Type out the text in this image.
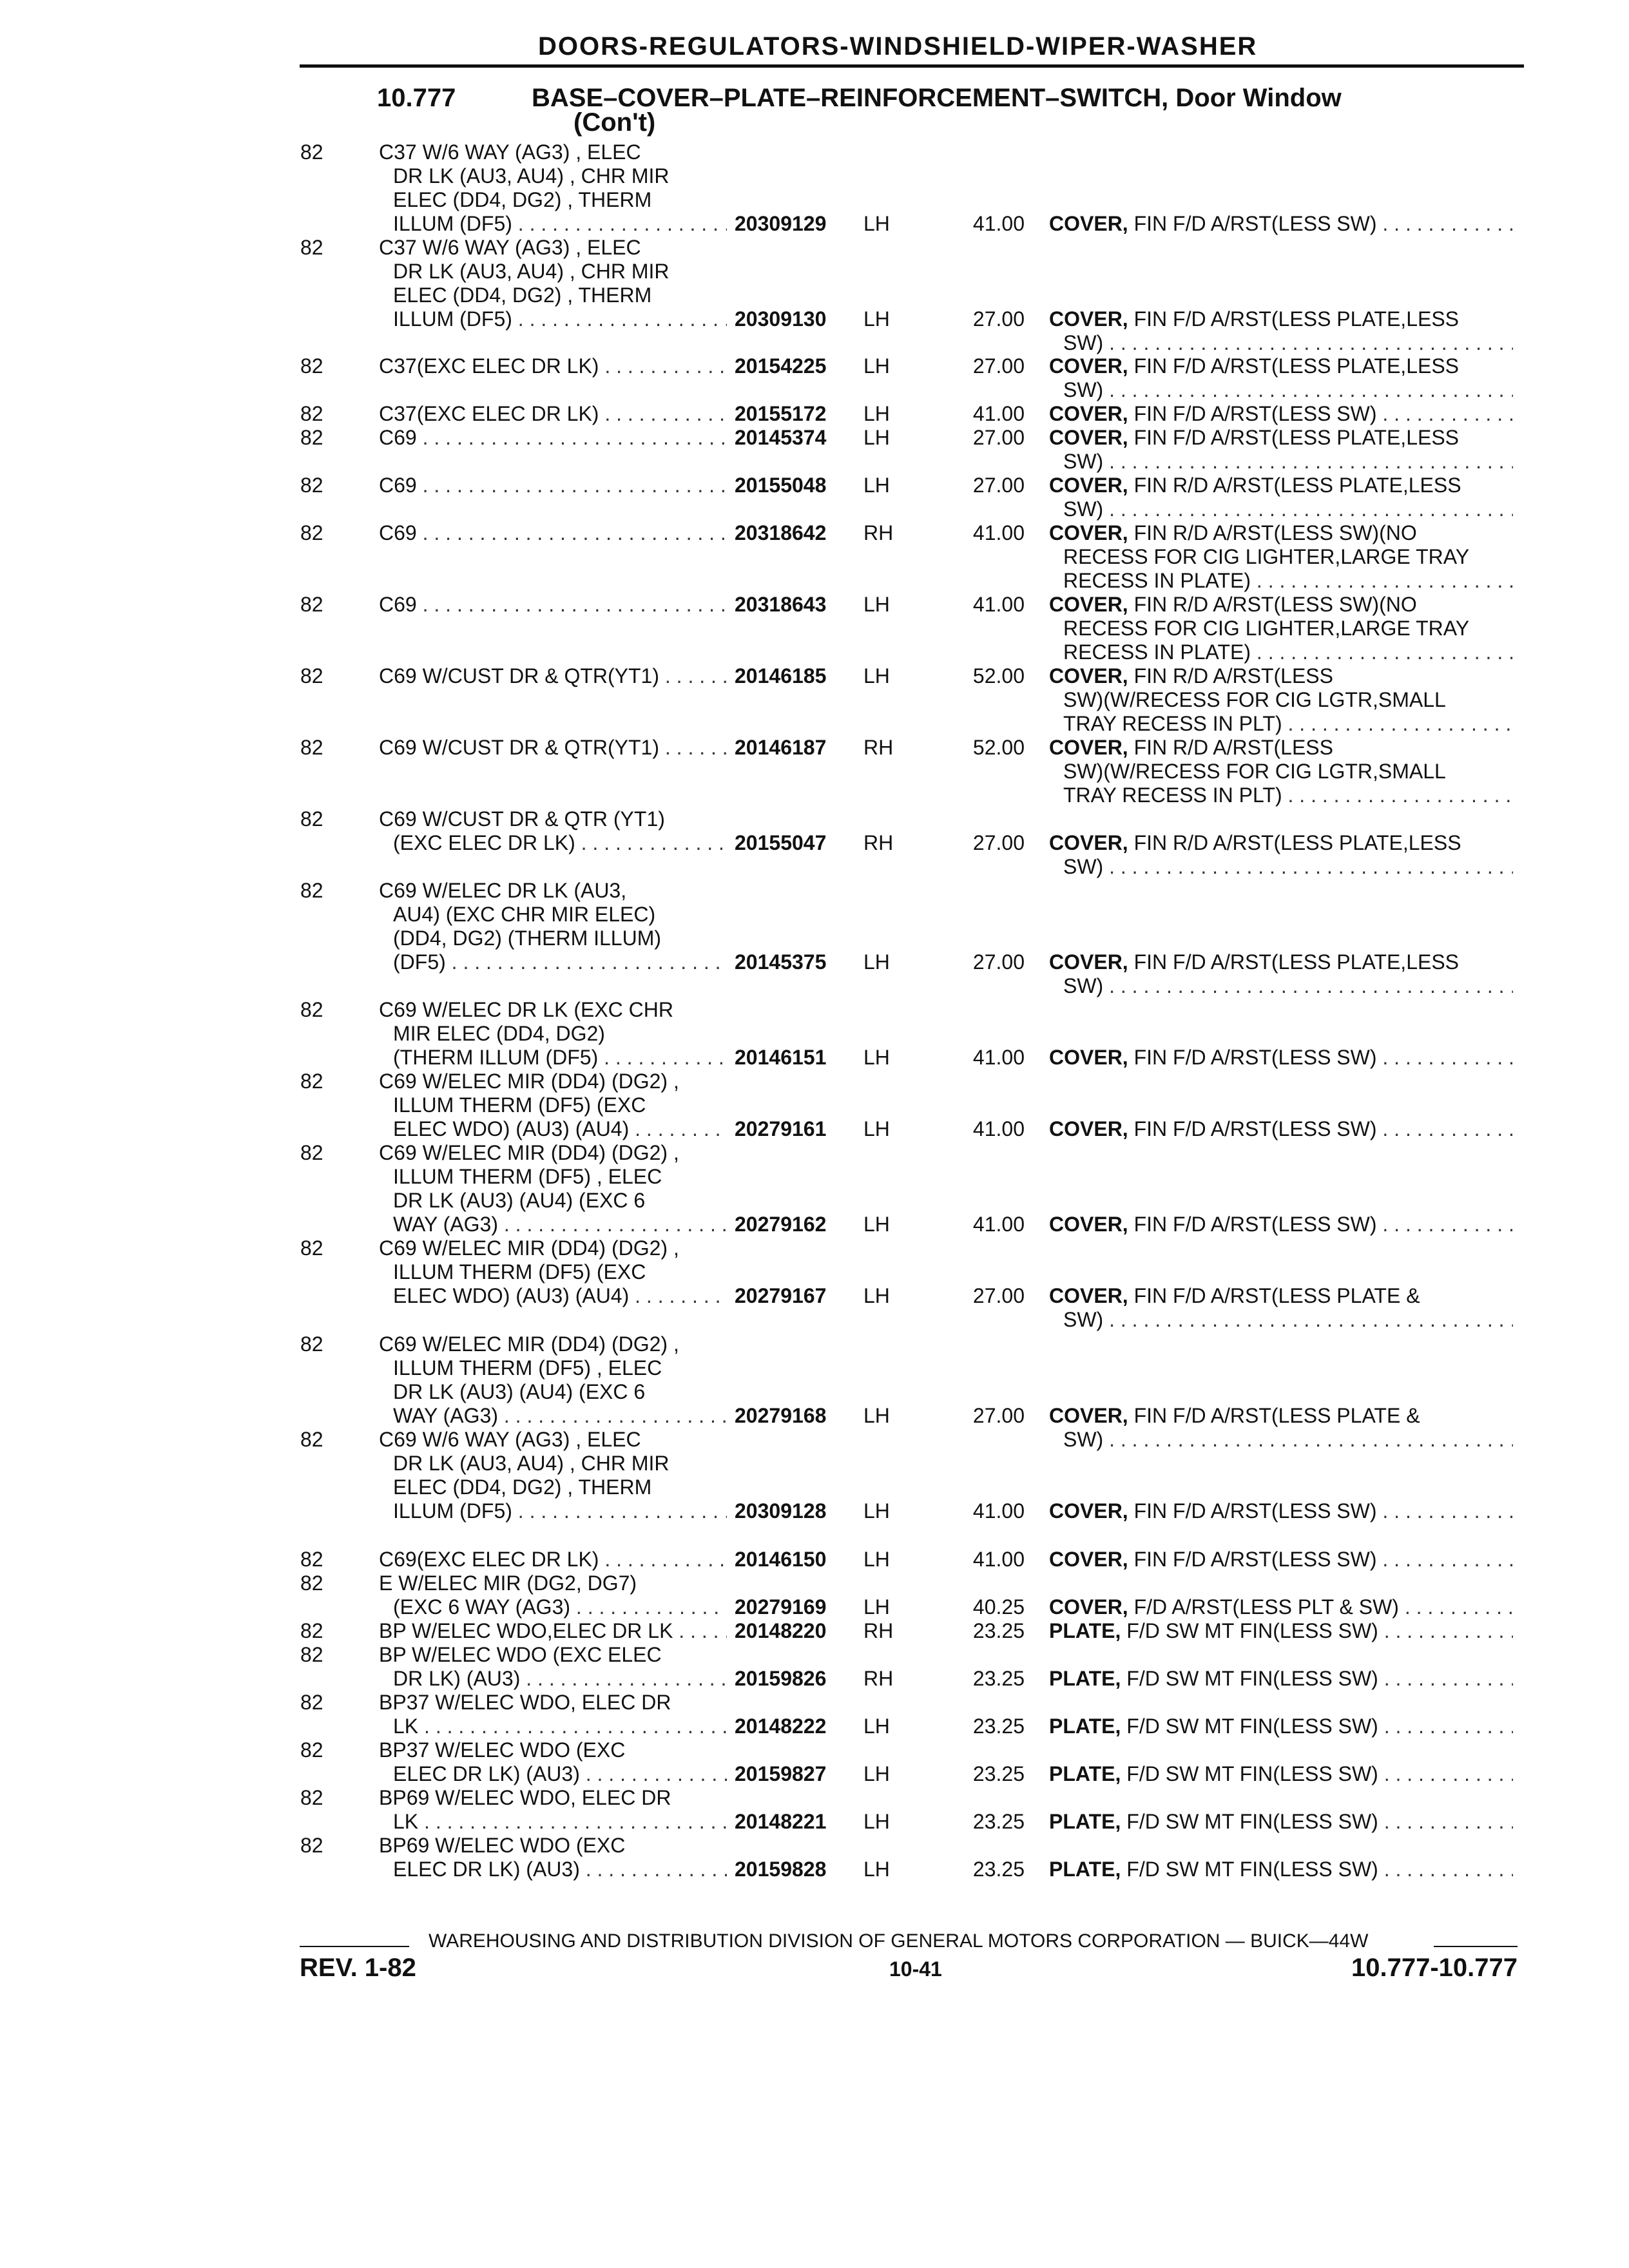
DOORS-REGULATORS-WINDSHIELD-WIPER-WASHER
10.777	BASE–COVER–PLATE–REINFORCEMENT–SWITCH, Door Window
(Con't)
82	C37 W/6 WAY (AG3) , ELEC
DR LK (AU3, AU4) , CHR MIR
ELEC (DD4, DG2) , THERM
ILLUM (DF5) . . .	20309129 LH	41.00 COVER, FIN F/D A/RST(LESS SW) . . .
82	C37 W/6 WAY (AG3) , ELEC
DR LK (AU3, AU4) , CHR MIR
ELEC (DD4, DG2) , THERM
ILLUM (DF5) . . .	20309130 LH	27.00 COVER, FIN F/D A/RST(LESS PLATE,LESS
SW) . . .
82	C37(EXC ELEC DR LK) . . .	20154225 LH	27.00 COVER, FIN F/D A/RST(LESS PLATE,LESS
SW) . . .
82	C37(EXC ELEC DR LK) . . .	20155172 LH	41.00 COVER, FIN F/D A/RST(LESS SW) . . .
82	C69 . . .	20145374 LH	27.00 COVER, FIN F/D A/RST(LESS PLATE,LESS
SW) . . .
82	C69 . . .	20155048 LH	27.00 COVER, FIN R/D A/RST(LESS PLATE,LESS
SW) . . .
82	C69 . . .	20318642 RH	41.00 COVER, FIN R/D A/RST(LESS SW)(NO
RECESS FOR CIG LIGHTER,LARGE TRAY
RECESS IN PLATE) . . .
82	C69 . . .	20318643 LH	41.00 COVER, FIN R/D A/RST(LESS SW)(NO
RECESS FOR CIG LIGHTER,LARGE TRAY
RECESS IN PLATE) . . .
82	C69 W/CUST DR & QTR(YT1) . . .	20146185 LH	52.00 COVER, FIN R/D A/RST(LESS
SW)(W/RECESS FOR CIG LGTR,SMALL
TRAY RECESS IN PLT) . . .
82	C69 W/CUST DR & QTR(YT1) . . .	20146187 RH	52.00 COVER, FIN R/D A/RST(LESS
SW)(W/RECESS FOR CIG LGTR,SMALL
TRAY RECESS IN PLT) . . .
82	C69 W/CUST DR & QTR (YT1)
(EXC ELEC DR LK) . . .	20155047 RH	27.00 COVER, FIN R/D A/RST(LESS PLATE,LESS
SW) . . .
82	C69 W/ELEC DR LK (AU3,
AU4) (EXC CHR MIR ELEC)
(DD4, DG2) (THERM ILLUM)
(DF5) . . .	20145375 LH	27.00 COVER, FIN F/D A/RST(LESS PLATE,LESS
SW) . . .
82	C69 W/ELEC DR LK (EXC CHR
MIR ELEC (DD4, DG2)
(THERM ILLUM (DF5) . . .	20146151 LH	41.00 COVER, FIN F/D A/RST(LESS SW) . . .
82	C69 W/ELEC MIR (DD4) (DG2) ,
ILLUM THERM (DF5) (EXC
ELEC WDO) (AU3) (AU4) . . .	20279161 LH	41.00 COVER, FIN F/D A/RST(LESS SW) . . .
82	C69 W/ELEC MIR (DD4) (DG2) ,
ILLUM THERM (DF5) , ELEC
DR LK (AU3) (AU4) (EXC 6
WAY (AG3) . . .	20279162 LH	41.00 COVER, FIN F/D A/RST(LESS SW) . . .
82	C69 W/ELEC MIR (DD4) (DG2) ,
ILLUM THERM (DF5) (EXC
ELEC WDO) (AU3) (AU4) . . .	20279167 LH	27.00 COVER, FIN F/D A/RST(LESS PLATE &
SW) . . .
82	C69 W/ELEC MIR (DD4) (DG2) ,
ILLUM THERM (DF5) , ELEC
DR LK (AU3) (AU4) (EXC 6
WAY (AG3) . . .	20279168 LH	27.00 COVER, FIN F/D A/RST(LESS PLATE &
SW) . . .
82	C69 W/6 WAY (AG3) , ELEC
DR LK (AU3, AU4) , CHR MIR
ELEC (DD4, DG2) , THERM
ILLUM (DF5) . . .	20309128 LH	41.00 COVER, FIN F/D A/RST(LESS SW) . . .
82	C69(EXC ELEC DR LK) . . .	20146150 LH	41.00 COVER, FIN F/D A/RST(LESS SW) . . .
82	E W/ELEC MIR (DG2, DG7)
(EXC 6 WAY (AG3) . . .	20279169 LH	40.25 COVER, F/D A/RST(LESS PLT & SW) . . .
82	BP W/ELEC WDO,ELEC DR LK . . .	20148220 RH	23.25 PLATE, F/D SW MT FIN(LESS SW) . . .
82	BP W/ELEC WDO (EXC ELEC
DR LK) (AU3) . . .	20159826 RH	23.25 PLATE, F/D SW MT FIN(LESS SW) . . .
82	BP37 W/ELEC WDO, ELEC DR
LK . . .	20148222 LH	23.25 PLATE, F/D SW MT FIN(LESS SW) . . .
82	BP37 W/ELEC WDO (EXC
ELEC DR LK) (AU3) . . .	20159827 LH	23.25 PLATE, F/D SW MT FIN(LESS SW) . . .
82	BP69 W/ELEC WDO, ELEC DR
LK . . .	20148221 LH	23.25 PLATE, F/D SW MT FIN(LESS SW) . . .
82	BP69 W/ELEC WDO (EXC
ELEC DR LK) (AU3) . . .	20159828 LH	23.25 PLATE, F/D SW MT FIN(LESS SW) . . .
WAREHOUSING AND DISTRIBUTION DIVISION OF GENERAL MOTORS CORPORATION — BUICK—44W
REV. 1-82	10-41	10.777-10.777
